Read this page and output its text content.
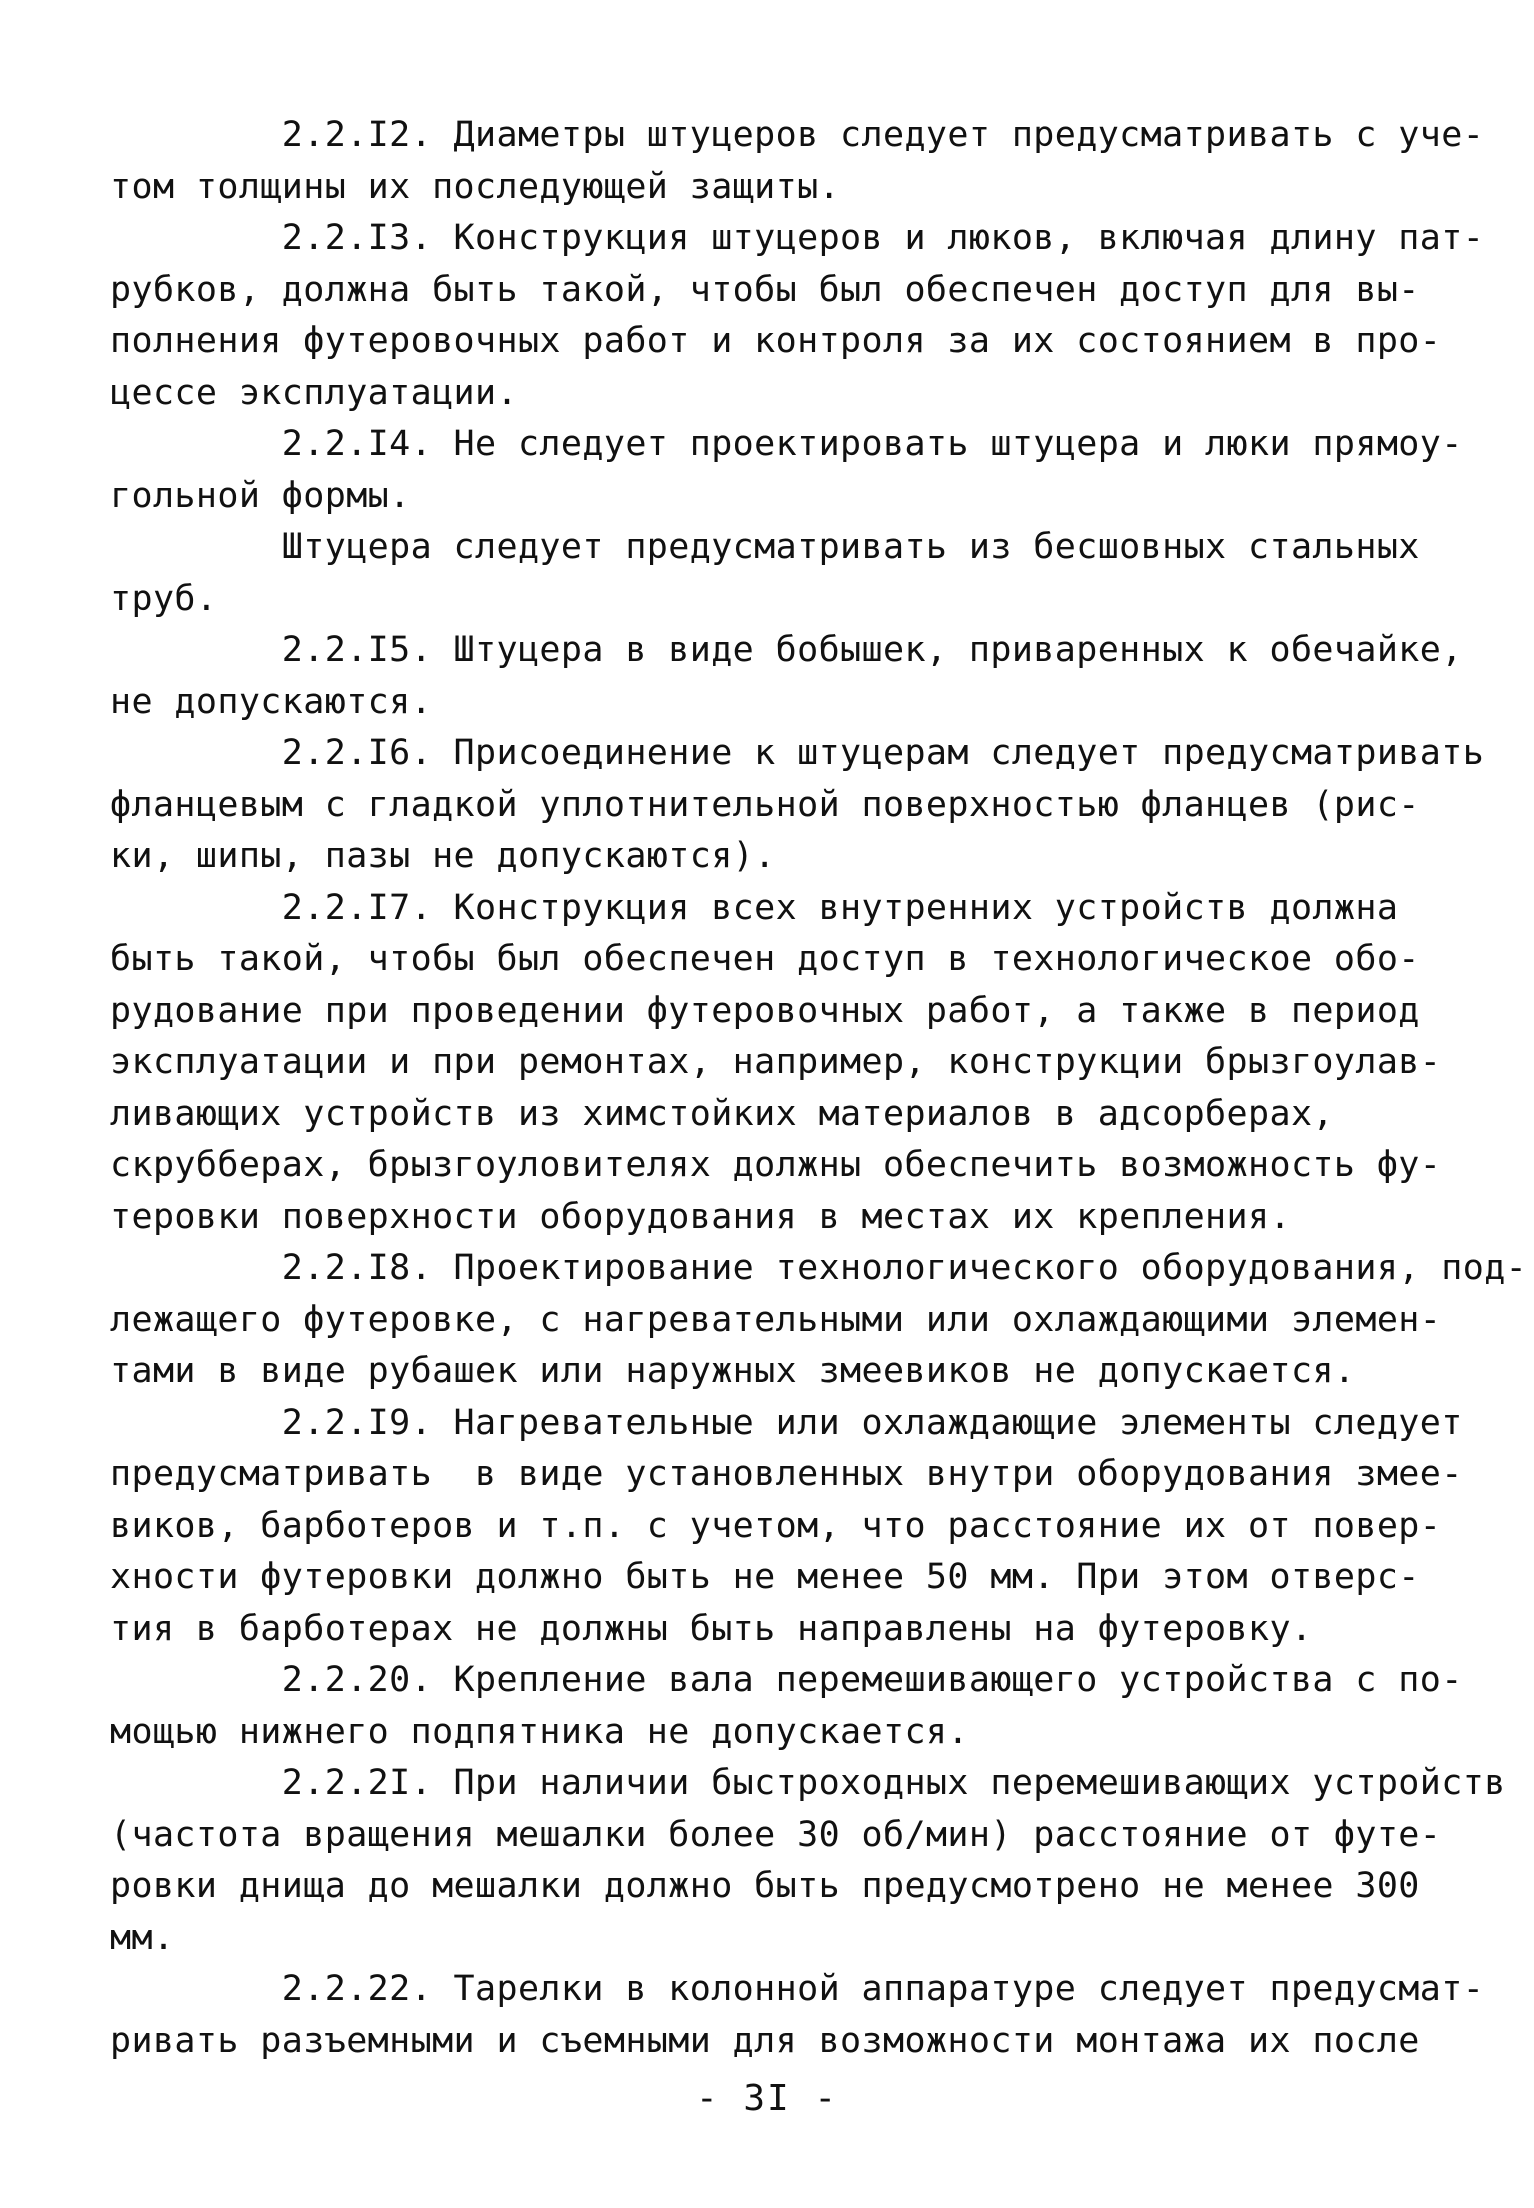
2.2.I2. Диаметры штуцеров следует предусматривать с уче-
том толщины их последующей защиты.
2.2.I3. Конструкция штуцеров и люков, включая длину пат-
рубков, должна быть такой, чтобы был обеспечен доступ для вы-
полнения футеровочных работ и контроля за их состоянием в про-
цессе эксплуатации.
2.2.I4. Не следует проектировать штуцера и люки прямоу-
гольной формы.
Штуцера следует предусматривать из бесшовных стальных
труб.
2.2.I5. Штуцера в виде бобышек, приваренных к обечайке,
не допускаются.
2.2.I6. Присоединение к штуцерам следует предусматривать
фланцевым с гладкой уплотнительной поверхностью фланцев (рис-
ки, шипы, пазы не допускаются).
2.2.I7. Конструкция всех внутренних устройств должна
быть такой, чтобы был обеспечен доступ в технологическое обо-
рудование при проведении футеровочных работ, а также в период
эксплуатации и при ремонтах, например, конструкции брызгоулав-
ливающих устройств из химстойких материалов в адсорберах,
скрубберах, брызгоуловителях должны обеспечить возможность фу-
теровки поверхности оборудования в местах их крепления.
2.2.I8. Проектирование технологического оборудования, под-
лежащего футеровке, с нагревательными или охлаждающими элемен-
тами в виде рубашек или наружных змеевиков не допускается.
2.2.I9. Нагревательные или охлаждающие элементы следует
предусматривать  в виде установленных внутри оборудования змее-
виков, барботеров и т.п. с учетом, что расстояние их от повер-
хности футеровки должно быть не менее 50 мм. При этом отверс-
тия в барботерах не должны быть направлены на футеровку.
2.2.20. Крепление вала перемешивающего устройства с по-
мощью нижнего подпятника не допускается.
2.2.2I. При наличии быстроходных перемешивающих устройств
(частота вращения мешалки более 30 об/мин) расстояние от футе-
ровки днища до мешалки должно быть предусмотрено не менее 300
мм.
2.2.22. Тарелки в колонной аппаратуре следует предусмат-
ривать разъемными и съемными для возможности монтажа их после
- 3I -
